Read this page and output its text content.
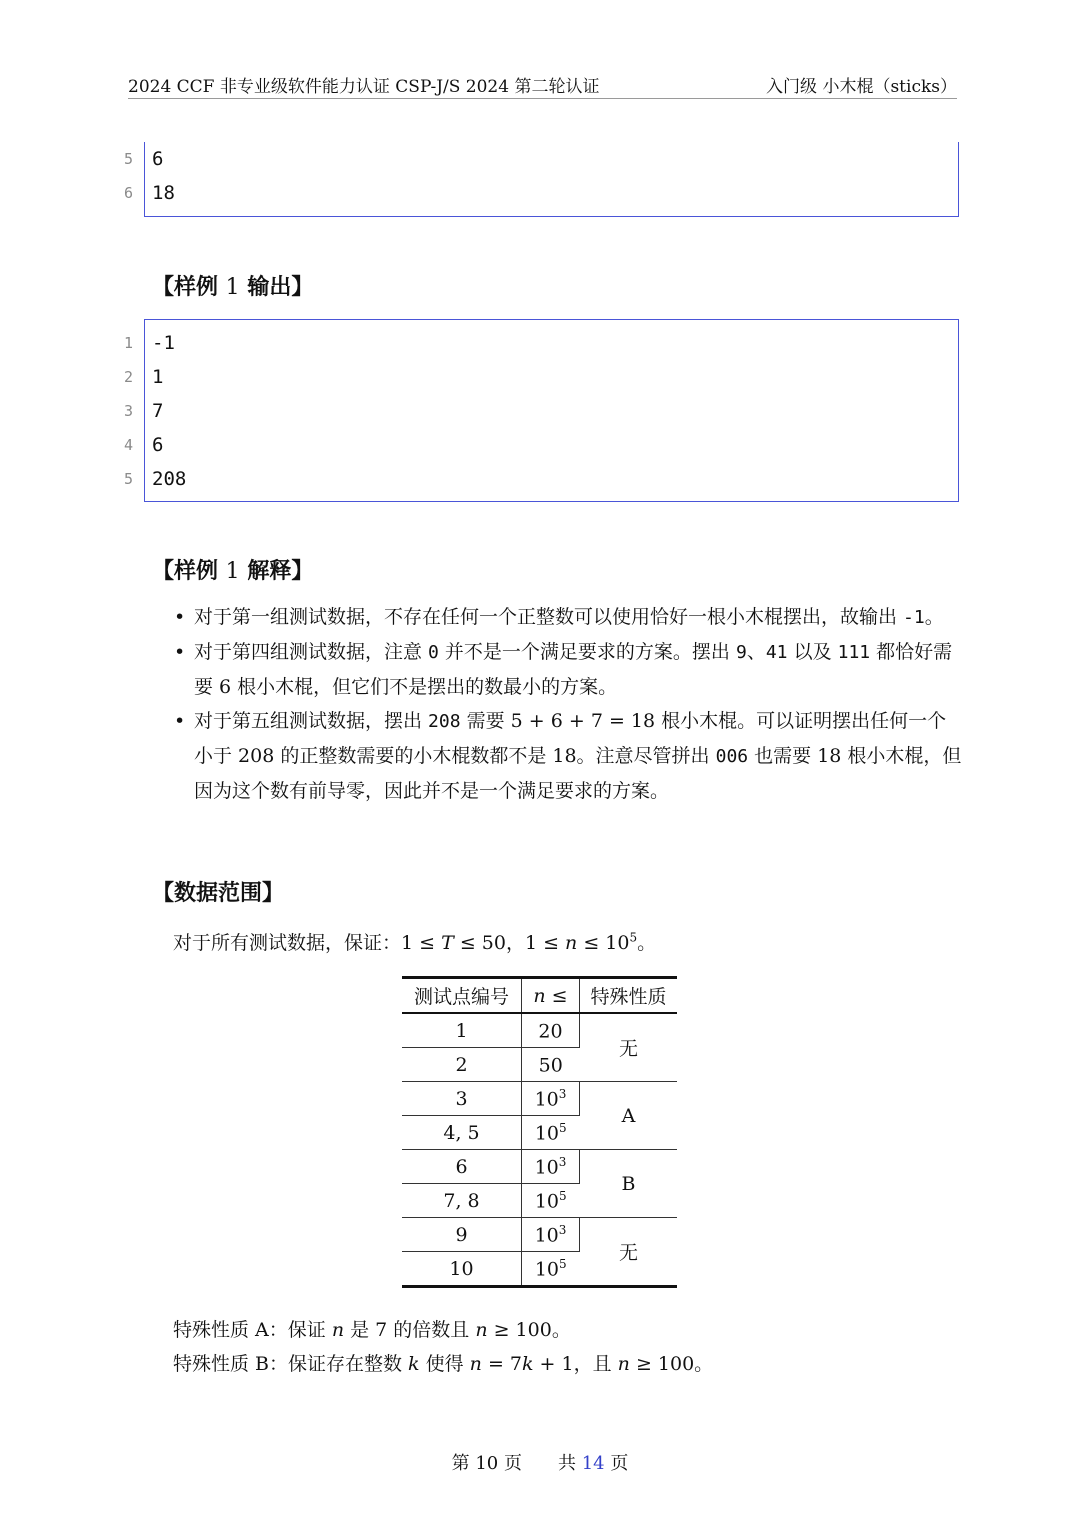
2024 CCF 非专业级软件能力认证 CSP-J/S 2024 第二轮认证	入门级 小木棍（sticks）
5 6
6 18
【样例 1 输出】
1 -1
2 1
3 7
4 6
5 208
【样例 1 解释】
• 对于第一组测试数据，不存在任何一个正整数可以使用恰好一根小木棍摆出，故输出 -1。
• 对于第四组测试数据，注意 0 并不是一个满足要求的方案。摆出 9、41 以及 111 都恰好需要 6 根小木棍，但它们不是摆出的数最小的方案。
• 对于第五组测试数据，摆出 208 需要 5 + 6 + 7 = 18 根小木棍。可以证明摆出任何一个小于 208 的正整数需要的小木棍数都不是 18。注意尽管拼出 006 也需要 18 根小木棍，但因为这个数有前导零，因此并不是一个满足要求的方案。
【数据范围】
对于所有测试数据，保证：1 ≤ T ≤ 50，$1 \le n \le 10^5$。
测试点编号	n ≤	特殊性质
1	20	无
2	50	
3	$10^3$	A
4, 5	$10^5$
6	$10^3$	B
7, 8	$10^5$
9	$10^3$	无
10	$10^5$
特殊性质 A：保证 n 是 7 的倍数且 n ≥ 100。
特殊性质 B：保证存在整数 k 使得 n = 7k + 1，且 n ≥ 100。
第 10 页   共 14 页
